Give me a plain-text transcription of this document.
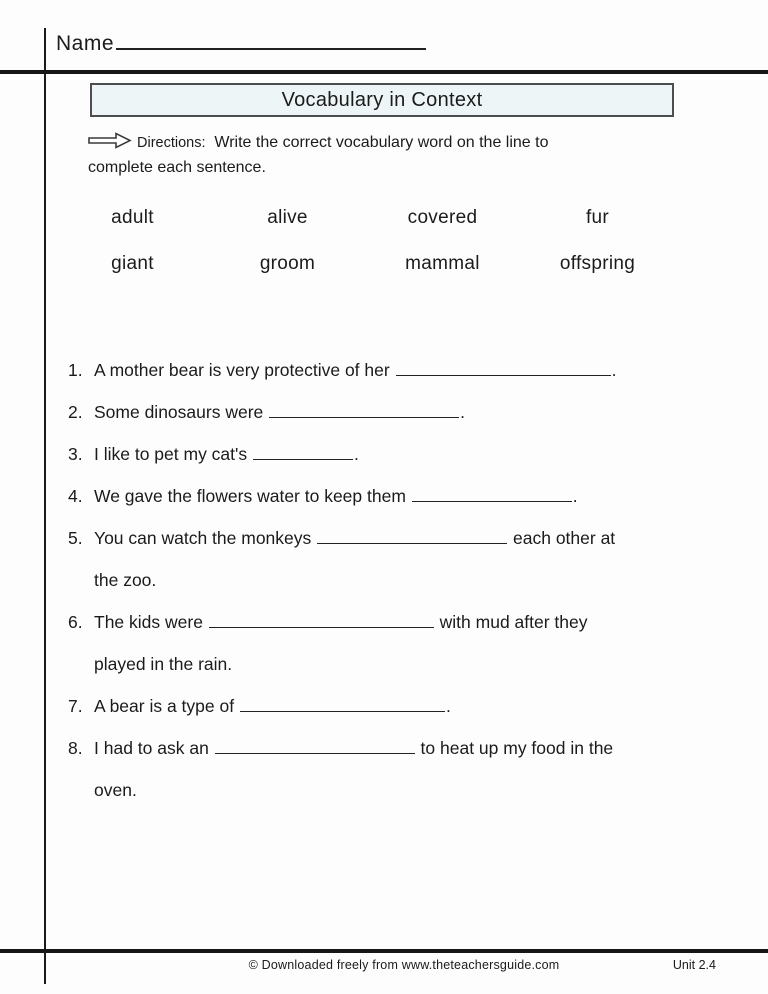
Name
Vocabulary in Context
Directions: Write the correct vocabulary word on the line to
complete each sentence.
adult	alive	covered	fur
giant	groom	mammal	offspring
1. A mother bear is very protective of her	.
2. Some dinosaurs were	.
3. I like to pet my cat's	.
4. We gave the flowers water to keep them	.
5. You can watch the monkeys	each other at
the zoo.
6. The kids were	with mud after they
played in the rain.
7. A bear is a type of	.
8. I had to ask an	to heat up my food in the
oven.
© Downloaded freely from www.theteachersguide.com	Unit 2.4
